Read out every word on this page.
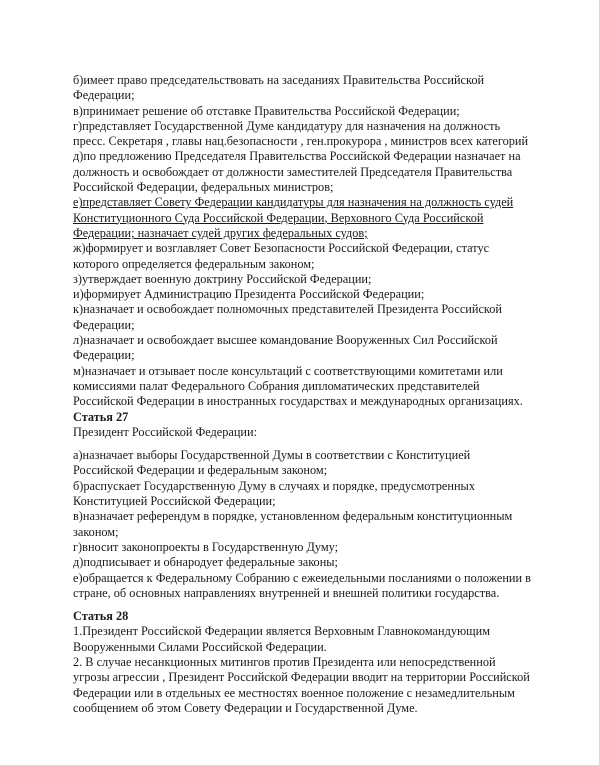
б)имеет право председательствовать на заседаниях Правительства Российской
Федерации;
в)принимает решение об отставке Правительства Российской Федерации;
г)представляет Государственной Думе кандидатуру для назначения на должность
пресс. Секретаря , главы нац.безопасности , ген.прокурора , министров всех категорий
д)по предложению Председателя Правительства Российской Федерации назначает на
должность и освобождает от должности заместителей Председателя Правительства
Российской Федерации, федеральных министров;
е)представляет Совету Федерации кандидатуры для назначения на должность судей
Конституционного Суда Российской Федерации, Верховного Суда Российской
Федерации; назначает судей других федеральных судов;
ж)формирует и возглавляет Совет Безопасности Российской Федерации, статус
которого определяется федеральным законом;
з)утверждает военную доктрину Российской Федерации;
и)формирует Администрацию Президента Российской Федерации;
к)назначает и освобождает полномочных представителей Президента Российской
Федерации;
л)назначает и освобождает высшее командование Вооруженных Сил Российской
Федерации;
м)назначает и отзывает после консультаций с соответствующими комитетами или
комиссиями палат Федерального Собрания дипломатических представителей
Российской Федерации в иностранных государствах и международных организациях.
Статья 27
Президент Российской Федерации:
а)назначает выборы Государственной Думы в соответствии с Конституцией
Российской Федерации и федеральным законом;
б)распускает Государственную Думу в случаях и порядке, предусмотренных
Конституцией Российской Федерации;
в)назначает референдум в порядке, установленном федеральным конституционным
законом;
г)вносит законопроекты в Государственную Думу;
д)подписывает и обнародует федеральные законы;
е)обращается к Федеральному Собранию с ежеиедельными посланиями о положении в
стране, об основных направлениях внутренней и внешней политики государства.
Статья 28
1.Президент Российской Федерации является Верховным Главнокомандующим
Вооруженными Силами Российской Федерации.
2. В случае несанкционных митингов против Президента или непосредственной
угрозы агрессии , Президент Российской Федерации вводит на территории Российской
Федерации или в отдельных ее местностях военное положение с незамедлительным
сообщением об этом Совету Федерации и Государственной Думе.
